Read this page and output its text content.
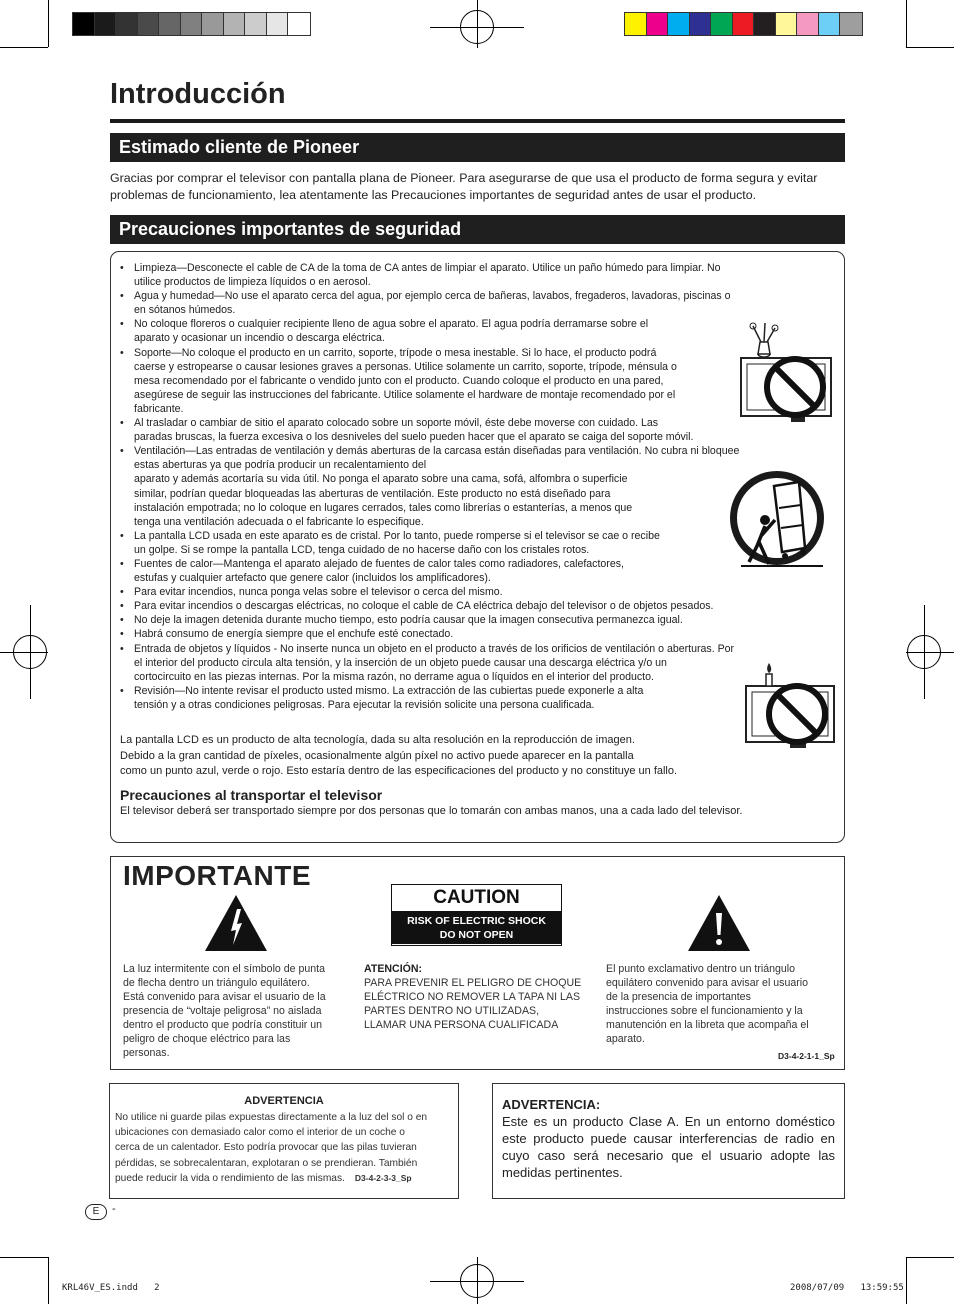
Introducción
Estimado cliente de Pioneer
Gracias por comprar el televisor con pantalla plana de Pioneer. Para asegurarse de que usa el producto de forma segura y evitar problemas de funcionamiento, lea atentamente las Precauciones importantes de seguridad antes de usar el producto.
Precauciones importantes de seguridad
• Limpieza—Desconecte el cable de CA de la toma de CA antes de limpiar el aparato. Utilice un paño húmedo para limpiar. No
utilice productos de limpieza líquidos o en aerosol.
• Agua y humedad—No use el aparato cerca del agua, por ejemplo cerca de bañeras, lavabos, fregaderos, lavadoras, piscinas o
en sótanos húmedos.
• No coloque floreros o cualquier recipiente lleno de agua sobre el aparato. El agua podría derramarse sobre el
aparato y ocasionar un incendio o descarga eléctrica.
• Soporte—No coloque el producto en un carrito, soporte, trípode o mesa inestable. Si lo hace, el producto podrá
caerse y estropearse o causar lesiones graves a personas. Utilice solamente un carrito, soporte, trípode, ménsula o
mesa recomendado por el fabricante o vendido junto con el producto. Cuando coloque el producto en una pared,
asegúrese de seguir las instrucciones del fabricante. Utilice solamente el hardware de montaje recomendado por el
fabricante.
• Al trasladar o cambiar de sitio el aparato colocado sobre un soporte móvil, éste debe moverse con cuidado. Las
paradas bruscas, la fuerza excesiva o los desniveles del suelo pueden hacer que el aparato se caiga del soporte móvil.
• Ventilación—Las entradas de ventilación y demás aberturas de la carcasa están diseñadas para ventilación. No cubra ni bloquee
estas aberturas ya que podría producir un recalentamiento del
aparato y además acortaría su vida útil. No ponga el aparato sobre una cama, sofá, alfombra o superficie
similar, podrían quedar bloqueadas las aberturas de ventilación. Este producto no está diseñado para
instalación empotrada; no lo coloque en lugares cerrados, tales como librerías o estanterías, a menos que
tenga una ventilación adecuada o el fabricante lo especifique.
• La pantalla LCD usada en este aparato es de cristal. Por lo tanto, puede romperse si el televisor se cae o recibe
un golpe. Si se rompe la pantalla LCD, tenga cuidado de no hacerse daño con los cristales rotos.
• Fuentes de calor—Mantenga el aparato alejado de fuentes de calor tales como radiadores, calefactores,
estufas y cualquier artefacto que genere calor (incluidos los amplificadores).
• Para evitar incendios, nunca ponga velas sobre el televisor o cerca del mismo.
• Para evitar incendios o descargas eléctricas, no coloque el cable de CA eléctrica debajo del televisor o de objetos pesados.
• No deje la imagen detenida durante mucho tiempo, esto podría causar que la imagen consecutiva permanezca igual.
• Habrá consumo de energía siempre que el enchufe esté conectado.
• Entrada de objetos y líquidos - No inserte nunca un objeto en el producto a través de los orificios de ventilación o aberturas. Por
el interior del producto circula alta tensión, y la inserción de un objeto puede causar una descarga eléctrica y/o un
cortocircuito en las piezas internas. Por la misma razón, no derrame agua o líquidos en el interior del producto.
• Revisión—No intente revisar el producto usted mismo. La extracción de las cubiertas puede exponerle a alta
tensión y a otras condiciones peligrosas. Para ejecutar la revisión solicite una persona cualificada.
La pantalla LCD es un producto de alta tecnología, dada su alta resolución en la reproducción de imagen.
Debido a la gran cantidad de píxeles, ocasionalmente algún píxel no activo puede aparecer en la pantalla
como un punto azul, verde o rojo. Esto estaría dentro de las especificaciones del producto y no constituye un fallo.
Precauciones al transportar el televisor
El televisor deberá ser transportado siempre por dos personas que lo tomarán con ambas manos, una a cada lado del televisor.
IMPORTANTE
CAUTION
RISK OF ELECTRIC SHOCK
DO NOT OPEN
La luz intermitente con el símbolo de punta
de flecha dentro un triángulo equilátero.
Está convenido para avisar el usuario de la
presencia de “voltaje peligrosa” no aislada
dentro el producto que podría constituir un
peligro de choque eléctrico para las
personas.
ATENCIÓN:
PARA PREVENIR EL PELIGRO DE CHOQUE
ELÉCTRICO NO REMOVER LA TAPA NI LAS
PARTES DENTRO NO UTILIZADAS,
LLAMAR UNA PERSONA CUALIFICADA
El punto exclamativo dentro un triángulo
equilátero convenido para avisar el usuario
de la presencia de importantes
instrucciones sobre el funcionamiento y la
manutención en la libreta que acompaña el
aparato.
D3-4-2-1-1_Sp
ADVERTENCIA
No utilice ni guarde pilas expuestas directamente a la luz del sol o en
ubicaciones con demasiado calor como el interior de un coche o
cerca de un calentador. Esto podría provocar que las pilas tuvieran
pérdidas, se sobrecalentaran, explotaran o se prendieran. También
puede reducir la vida o rendimiento de las mismas. D3-4-2-3-3_Sp
ADVERTENCIA:
Este es un producto Clase A. En un entorno doméstico este producto puede causar interferencias de radio en cuyo caso será necesario que el usuario adopte las medidas pertinentes.
E	-
KRL46V_ES.indd   2	2008/07/09   13:59:55
